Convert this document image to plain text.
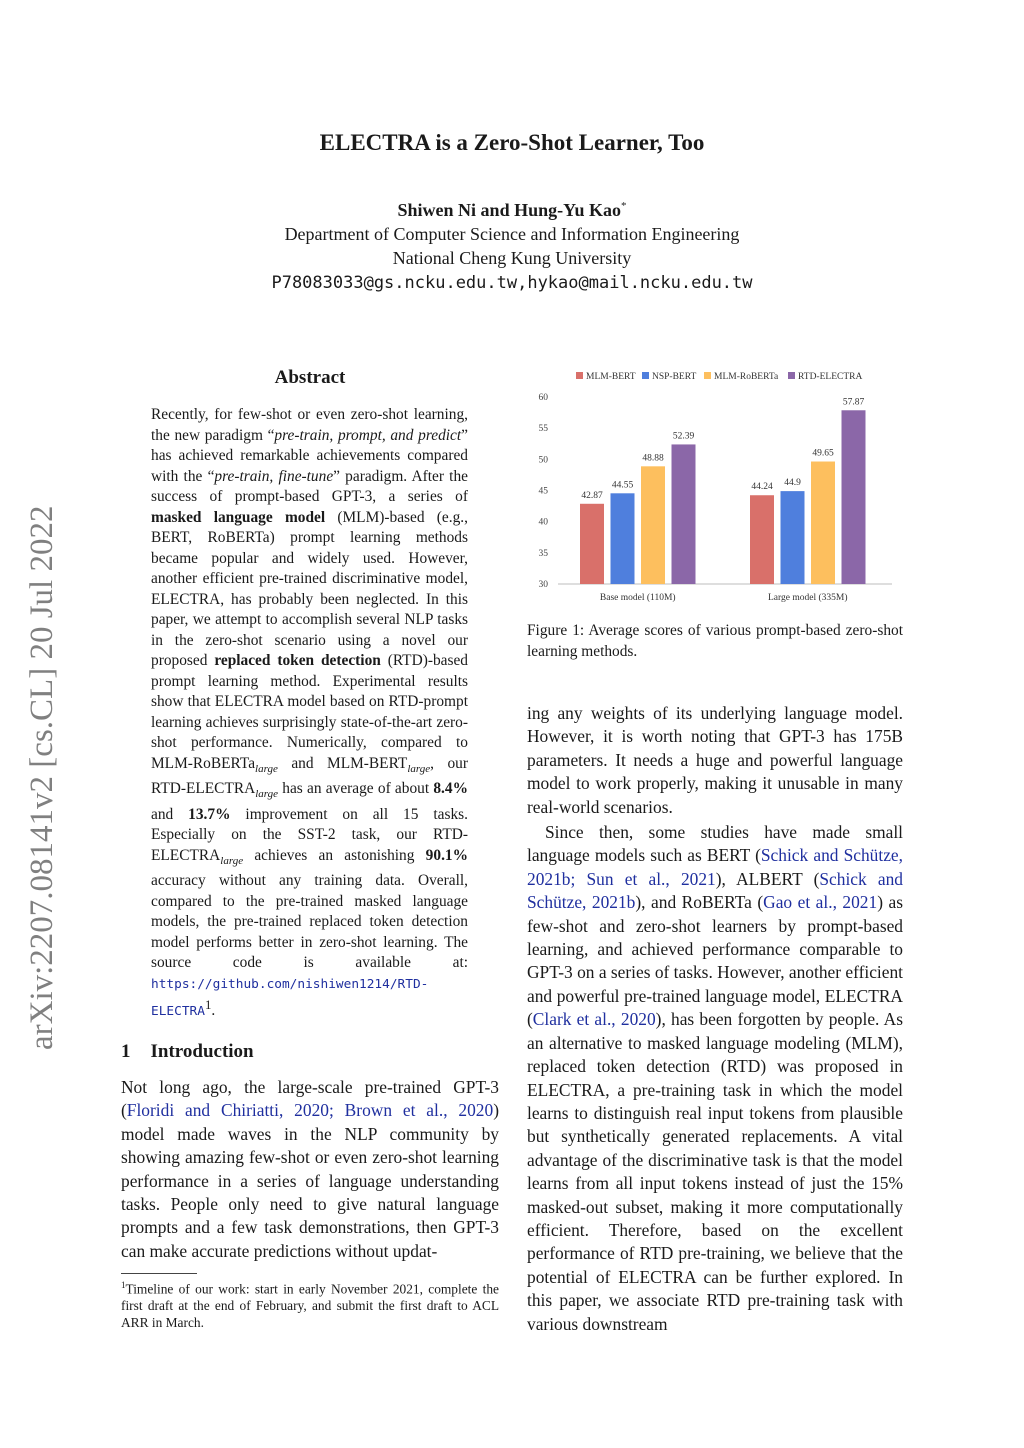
ELECTRA is a Zero-Shot Learner, Too
Shiwen Ni and Hung-Yu Kao*
Department of Computer Science and Information Engineering
National Cheng Kung University
P78083033@gs.ncku.edu.tw,hykao@mail.ncku.edu.tw
arXiv:2207.08141v2 [cs.CL] 20 Jul 2022
Abstract
Recently, for few-shot or even zero-shot learning, the new paradigm “pre-train, prompt, and predict” has achieved remarkable achievements compared with the “pre-train, fine-tune” paradigm. After the success of prompt-based GPT-3, a series of masked language model (MLM)-based (e.g., BERT, RoBERTa) prompt learning methods became popular and widely used. However, another efficient pre-trained discriminative model, ELECTRA, has probably been neglected. In this paper, we attempt to accomplish several NLP tasks in the zero-shot scenario using a novel our proposed replaced token detection (RTD)-based prompt learning method. Experimental results show that ELECTRA model based on RTD-prompt learning achieves surprisingly state-of-the-art zero-shot performance. Numerically, compared to MLM-RoBERTa$_{large}$ and MLM-$BERT_{large}$, our RTD-$ELECTRA_{large}$ has an average of about 8.4% and 13.7% improvement on all 15 tasks. Especially on the SST-2 task, our RTD-$ELECTRA_{large}$ achieves an astonishing 90.1% accuracy without any training data. Overall, compared to the pre-trained masked language models, the pre-trained replaced token detection model performs better in zero-shot learning. The source code is available at: https://github.com/nishiwen1214/RTD-ELECTRA$^1$.
1 Introduction
Not long ago, the large-scale pre-trained GPT-3 (Floridi and Chiriatti, 2020; Brown et al., 2020) model made waves in the NLP community by showing amazing few-shot or even zero-shot learning performance in a series of language understanding tasks. People only need to give natural language prompts and a few task demonstrations, then GPT-3 can make accurate predictions without updat-
$^1$Timeline of our work: start in early November 2021, complete the first draft at the end of February, and submit the first draft to ACL ARR in March.
MLM-BERT NSP-BERT MLM-RoBERTa RTD-ELECTRA
30
35
40
45
50
55
60
42.87
44.55
48.88
52.39
44.24 44.9
49.65
57.87
Base model (110M)	Large model (335M)
Figure 1: Average scores of various prompt-based zero-shot learning methods.

ing any weights of its underlying language model. However, it is worth noting that GPT-3 has 175B parameters. It needs a huge and powerful language model to work properly, making it unusable in many real-world scenarios.

Since then, some studies have made small language models such as BERT (Schick and Schütze, 2021b; Sun et al., 2021), ALBERT (Schick and Schütze, 2021b), and RoBERTa (Gao et al., 2021) as few-shot and zero-shot learners by prompt-based learning, and achieved performance comparable to GPT-3 on a series of tasks. However, another efficient and powerful pre-trained language model, ELECTRA (Clark et al., 2020), has been forgotten by people. As an alternative to masked language modeling (MLM), replaced token detection (RTD) was proposed in ELECTRA, a pre-training task in which the model learns to distinguish real input tokens from plausible but synthetically generated replacements. A vital advantage of the discriminative task is that the model learns from all input tokens instead of just the 15% masked-out subset, making it more computationally efficient. Therefore, based on the excellent performance of RTD pre-training, we believe that the potential of ELECTRA can be further explored. In this paper, we associate RTD pre-training task with various downstream
